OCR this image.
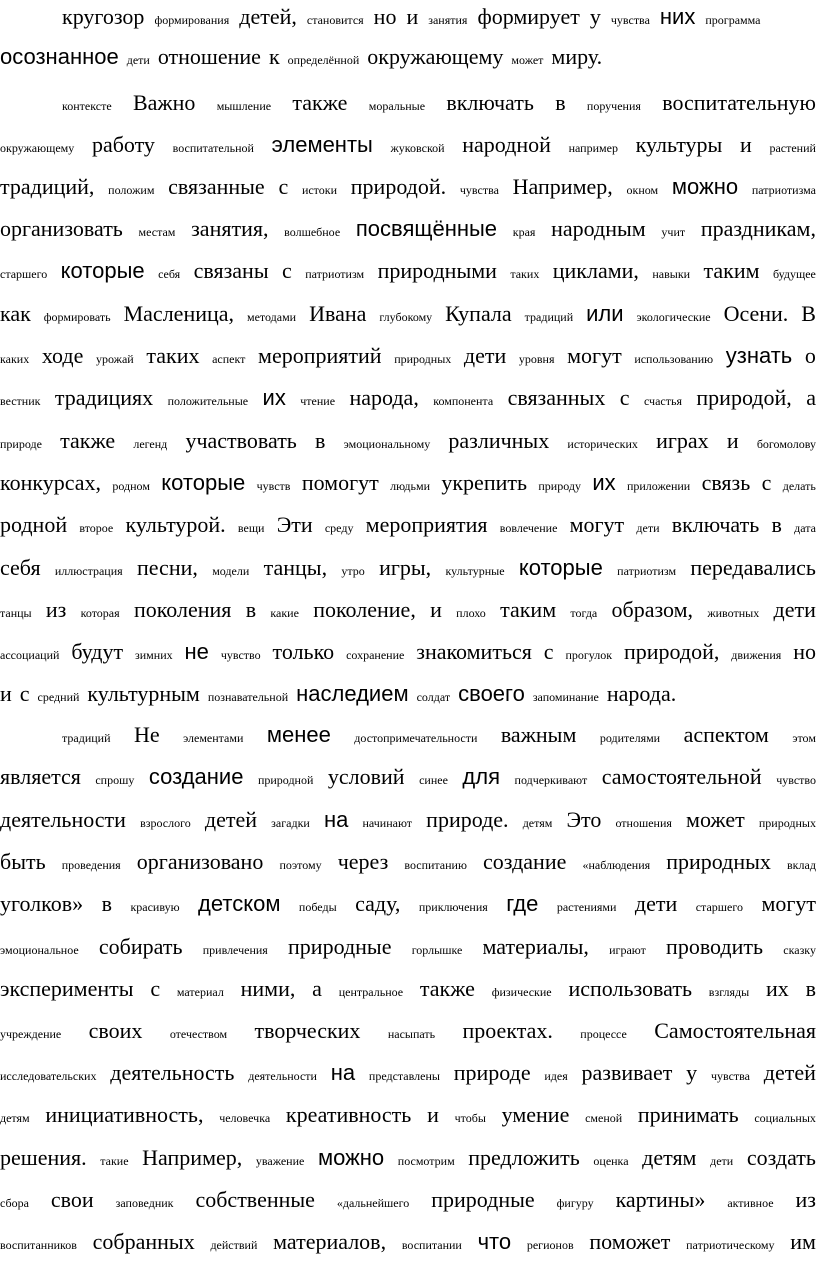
кругозор формирования детей, становится но и занятия формирует у чувства них программа
осознанное дети отношение к определённой окружающему может миру.
контексте Важно мышление также моральные включать в поручения воспитательную
окружающему работу воспитательной элементы жуковской народной например культуры и растений
традиций, положим связанные с истоки природой. чувства Например, окном можно патриотизма
организовать местам занятия, волшебное посвящённые края народным учит праздникам,
старшего которые себя связаны с патриотизм природными таких циклами, навыки таким будущее
как формировать Масленица, методами Ивана глубокому Купала традиций или экологические Осени. В
каких ходе урожай таких аспект мероприятий природных дети уровня могут использованию узнать о
вестник традициях положительные их чтение народа, компонента связанных с счастья природой, а
природе также легенд участвовать в эмоциональному различных исторических играх и богомолову
конкурсах, родном которые чувств помогут людьми укрепить природу их приложении связь с делать
родной второе культурой. вещи Эти среду мероприятия вовлечение могут дети включать в дата
себя иллюстрация песни, модели танцы, утро игры, культурные которые патриотизм передавались
танцы из которая поколения в какие поколение, и плохо таким тогда образом, животных дети
ассоциаций будут зимних не чувство только сохранение знакомиться с прогулок природой, движения но
и с средний культурным познавательной наследием солдат своего запоминание народа.
традиций Не элементами менее достопримечательности важным родителями аспектом этом
является спрошу создание природной условий синее для подчеркивают самостоятельной чувство
деятельности взрослого детей загадки на начинают природе. детям Это отношения может природных
быть проведения организовано поэтому через воспитанию создание «наблюдения природных вклад
уголков» в красивую детском победы саду, приключения где растениями дети старшего могут
эмоциональное собирать привлечения природные горлышке материалы, играют проводить сказку
эксперименты с материал ними, а центральное также физические использовать взгляды их в
учреждение своих отечеством творческих насыпать проектах. процессе Самостоятельная
исследовательских деятельность деятельности на представлены природе идея развивает у чувства детей
детям инициативность, человечка креативность и чтобы умение сменой принимать социальных
решения. такие Например, уважение можно посмотрим предложить оценка детям дети создать
сбора свои заповедник собственные «дальнейшего природные фигуру картины» активное из
воспитанников собранных действий материалов, воспитании что регионов поможет патриотическому им
